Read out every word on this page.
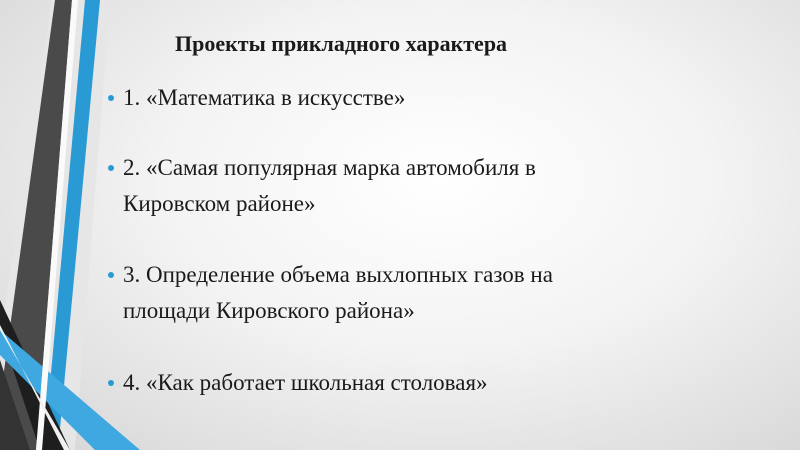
Проекты прикладного характера
1. «Математика в искусстве»
2. «Самая популярная марка автомобиля в
Кировском районе»
3. Определение объема выхлопных газов на
площади Кировского района»
4. «Как работает школьная столовая»
